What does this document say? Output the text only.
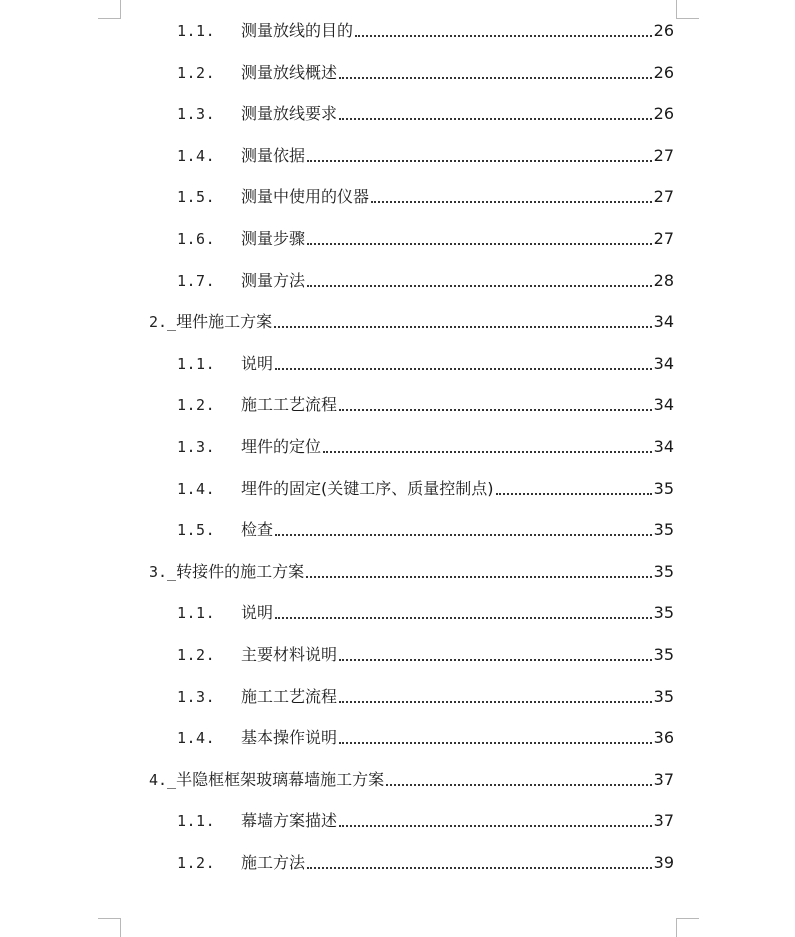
1.1.	测量放线的目的	26
1.2.	测量放线概述	26
1.3.	测量放线要求	26
1.4.	测量依据	27
1.5.	测量中使用的仪器	27
1.6.	测量步骤	27
1.7.	测量方法	28
2._ 埋件施工方案	34
1.1.	说明	34
1.2.	施工工艺流程	34
1.3.	埋件的定位	34
1.4.	埋件的固定(关键工序、质量控制点)	35
1.5.	检查	35
3._ 转接件的施工方案	35
1.1.	说明	35
1.2.	主要材料说明	35
1.3.	施工工艺流程	35
1.4.	基本操作说明	36
4._ 半隐框框架玻璃幕墙施工方案	37
1.1.	幕墙方案描述	37
1.2.	施工方法	39
